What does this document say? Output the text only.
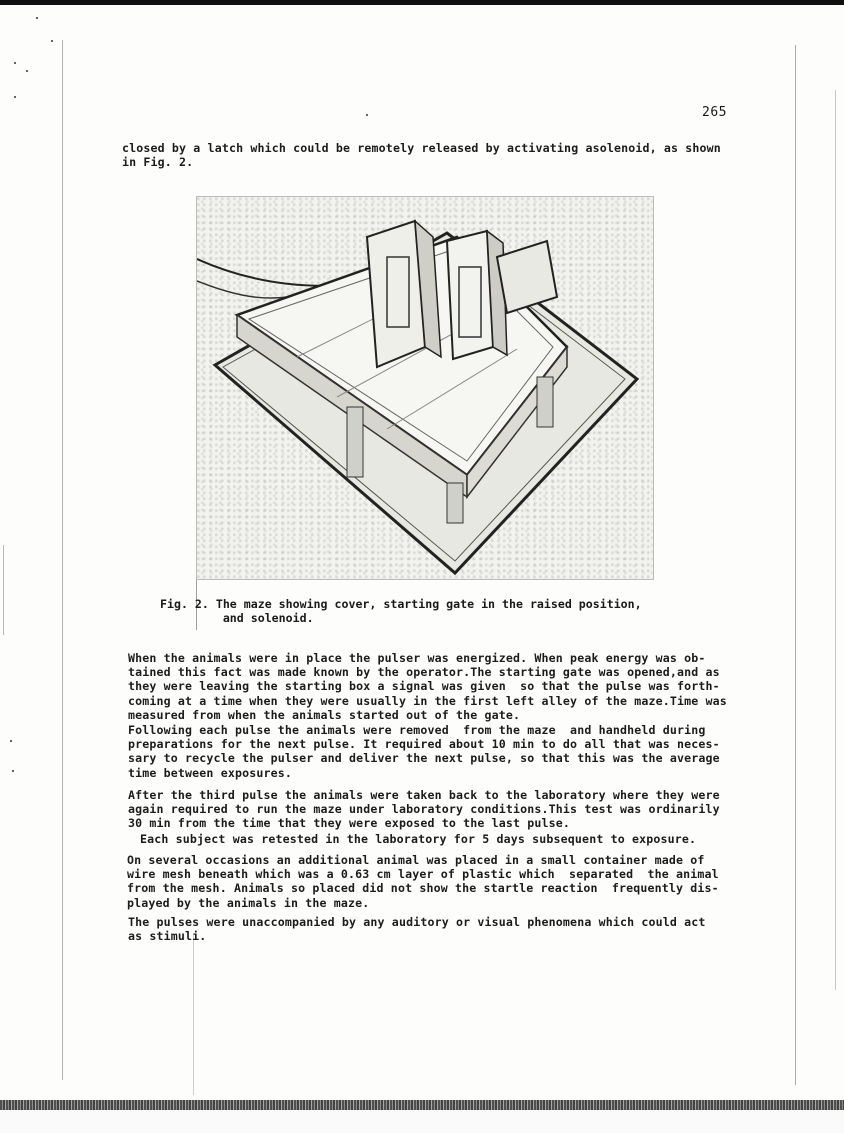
265
closed by a latch which could be remotely released by activating asolenoid, as shown
in Fig. 2.
Fig. 2. The maze showing cover, starting gate in the raised position,
and solenoid.
When the animals were in place the pulser was energized. When peak energy was ob-
tained this fact was made known by the operator.The starting gate was opened,and as
they were leaving the starting box a signal was given  so that the pulse was forth-
coming at a time when they were usually in the first left alley of the maze.Time was
measured from when the animals started out of the gate.
Following each pulse the animals were removed  from the maze  and handheld during
preparations for the next pulse. It required about 10 min to do all that was neces-
sary to recycle the pulser and deliver the next pulse, so that this was the average
time between exposures.
After the third pulse the animals were taken back to the laboratory where they were
again required to run the maze under laboratory conditions.This test was ordinarily
30 min from the time that they were exposed to the last pulse.
Each subject was retested in the laboratory for 5 days subsequent to exposure.
On several occasions an additional animal was placed in a small container made of
wire mesh beneath which was a 0.63 cm layer of plastic which  separated  the animal
from the mesh. Animals so placed did not show the startle reaction  frequently dis-
played by the animals in the maze.
The pulses were unaccompanied by any auditory or visual phenomena which could act
as stimuli.
